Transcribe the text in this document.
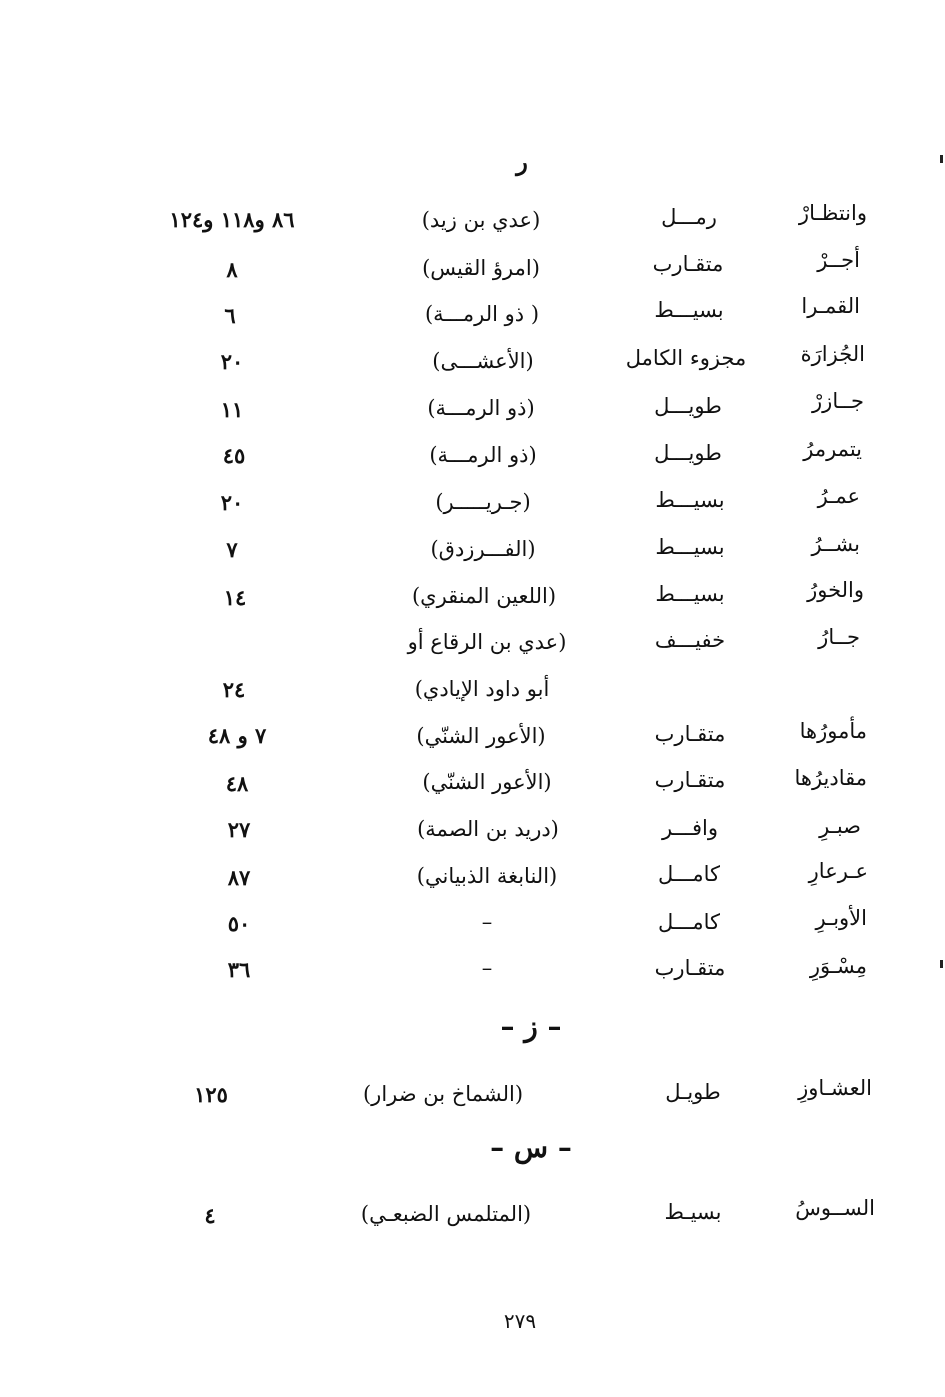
ر
وانتظـارْ
رمـــل
(عدي بن زيد)
٨٦ و١١٨ و١٢٤
أجــرْ
متقـارب
(امرؤ القيس)
٨
القمـرا
بسيـــط
( ذو الرمـــة)
٦
الجُزارَة
مجزوء الكامل
(الأعشـــى)
٢٠
جــازرْ
طويـــل
(ذو الرمـــة)
١١
يتمرمرُ
طويـــل
(ذو الرمـــة)
٤٥
عمـرُ
بسيـــط
(جـريـــــر)
٢٠
بشــرُ
بسيـــط
(الفـــرزدق)
٧
والخورُ
بسيـــط
(اللعين المنقري)
١٤
جــارُ
خفيـــف
(عدي بن الرقاع أو
أبو داود الإيادي)
٢٤
مأمورُها
متقـارب
(الأعور الشنّي)
٧ و ٤٨
مقاديرُها
متقـارب
(الأعور الشنّي)
٤٨
صبـرِ
وافـــر
(دريد بن الصمة)
٢٧
عـرعارِ
كامـــل
(النابغة الذبياني)
٨٧
الأوبـرِ
كامـــل
–
٥٠
مِسْـوَرِ
متقـارب
–
٣٦
– ز –
العشـاوزِ
طويـل
(الشماخ بن ضرار)
١٢٥
– س –
الســوسُ
بسيـط
(المتلمس الضبعـي)
٤
٢٧٩
